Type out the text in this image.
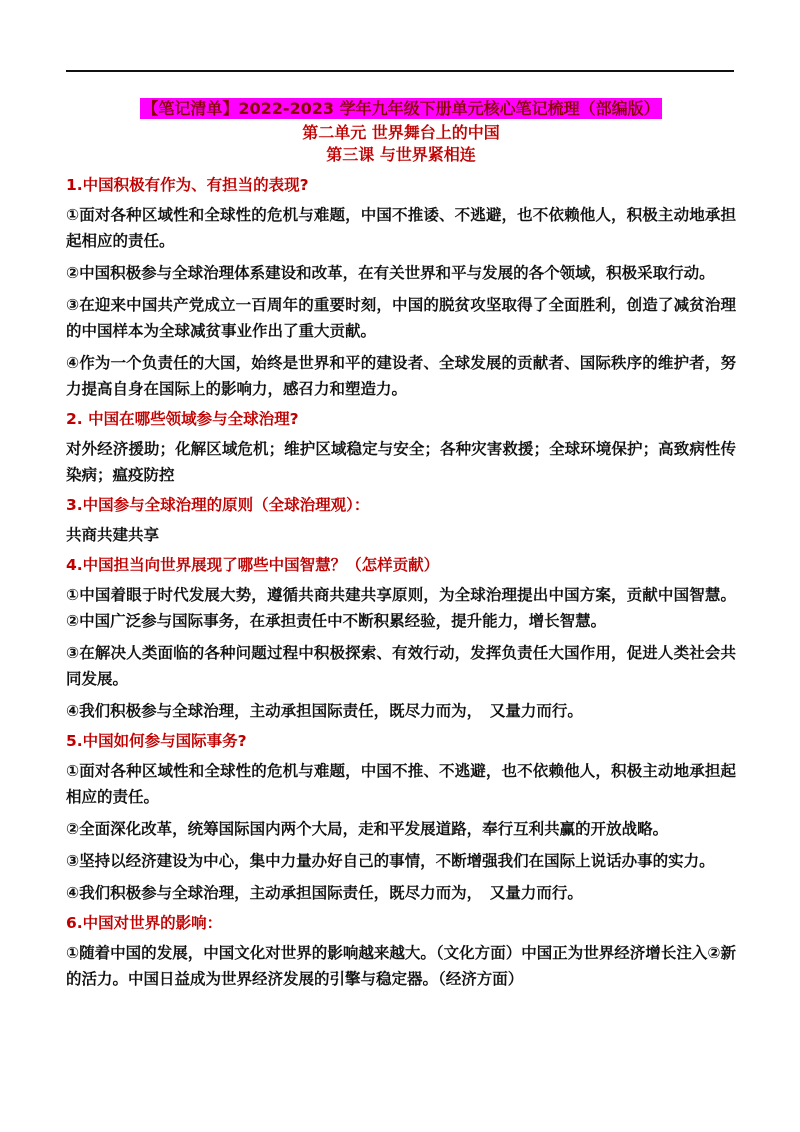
【笔记清单】2022-2023 学年九年级下册单元核心笔记梳理（部编版）
第二单元 世界舞台上的中国
第三课 与世界紧相连
1.中国积极有作为、有担当的表现?
①面对各种区域性和全球性的危机与难题，中国不推诿、不逃避，也不依赖他人，积极主动地承担起相应的责任。
②中国积极参与全球治理体系建设和改革，在有关世界和平与发展的各个领域，积极采取行动。
③在迎来中国共产党成立一百周年的重要时刻，中国的脱贫攻坚取得了全面胜利，创造了减贫治理的中国样本为全球减贫事业作出了重大贡献。
④作为一个负责任的大国，始终是世界和平的建设者、全球发展的贡献者、国际秩序的维护者，努力提高自身在国际上的影响力，感召力和塑造力。
2. 中国在哪些领域参与全球治理?
对外经济援助；化解区域危机；维护区域稳定与安全；各种灾害救援；全球环境保护；高致病性传染病；瘟疫防控
3.中国参与全球治理的原则（全球治理观）：
共商共建共享
4.中国担当向世界展现了哪些中国智慧？（怎样贡献）
①中国着眼于时代发展大势，遵循共商共建共享原则，为全球治理提出中国方案，贡献中国智慧。②中国广泛参与国际事务，在承担责任中不断积累经验，提升能力，增长智慧。
③在解决人类面临的各种问题过程中积极探索、有效行动，发挥负责任大国作用，促进人类社会共同发展。
④我们积极参与全球治理，主动承担国际责任，既尽力而为，　又量力而行。
5.中国如何参与国际事务?
①面对各种区域性和全球性的危机与难题，中国不推、不逃避，也不依赖他人，积极主动地承担起相应的责任。
②全面深化改革，统筹国际国内两个大局，走和平发展道路，奉行互利共赢的开放战略。
③坚持以经济建设为中心，集中力量办好自己的事情，不断增强我们在国际上说话办事的实力。
④我们积极参与全球治理，主动承担国际责任，既尽力而为，　又量力而行。
6.中国对世界的影响：
①随着中国的发展，中国文化对世界的影响越来越大。（文化方面）中国正为世界经济增长注入②新的活力。中国日益成为世界经济发展的引擎与稳定器。（经济方面）
